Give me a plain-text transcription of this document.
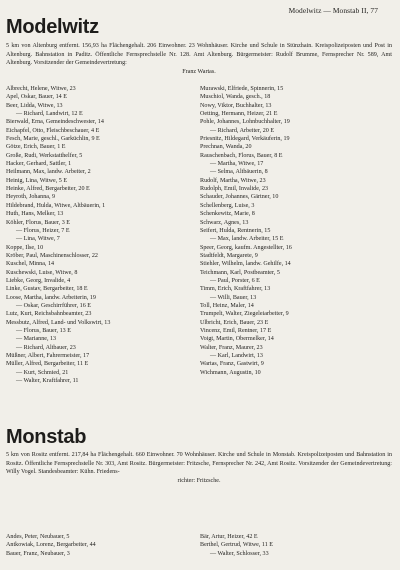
Modelwitz — Monstab II, 77
Modelwitz
5 km von Altenburg entfernt. 156,93 ha Flächengehalt. 206 Einwohner. 23 Wohnhäuser. Kirche und Schule in Stünzhain. Kreispolizeiposten und Post in Altenburg. Bahnstation in Paditz. Öffentliche Fernsprechstelle Nr. 128. Amt Altenburg. Bürgermeister: Rudolf Brumme, Fernsprecher Nr. 589, Amt Altenburg. Vorsitzender der Gemeindevertretung:
Franz Wartas.
Albrecht, Helene, Witwe, 23
Apel, Oskar, Bauer, 14 E
Beer, Lidda, Witwe, 13
— Richard, Landwirt, 12 E
Bierwald, Erna, Gemeindeschwester, 14
Eichapfel, Otto, Fleischbeschauer, 4 E
Fesch, Marie, geschl., Garküchlin, 9 E
Götze, Erich, Bauer, 1 E
Große, Rudi, Werkstatthelfer, 5
Hacker, Gerhard, Sattler, 1
Heilmann, Max, landw. Arbeiter, 2
Heinig, Lina, Witwe, 5 E
Heinke, Alfred, Bergarbeiter, 20 E
Heyroth, Johanna, 9
Hildebrand, Hulda, Witwe, Altbäuerin, 1
Huth, Hans, Melker, 13
Köhler, Florus, Bauer, 3 E
— Florus, Heizer, 7 E
— Lina, Witwe, 7
Koppe, Ilse, 10
Kröber, Paul, Maschinenschlosser, 22
Kuschel, Minna, 14
Kuschewski, Luise, Witwe, 8
Liebke, Georg, Invalide, 4
Linke, Gustav, Bergarbeiter, 18 E
Loose, Martha, landw. Arbeiterin, 19
— Oskar, Geschirrführer, 16 E
Lutz, Kurt, Reichsbahnbeamter, 23
Messbutz, Alfred, Land- und Volkswirt, 13
— Florus, Bauer, 13 E
— Marianne, 13
— Richard, Altbauer, 23
Müßner, Albert, Fahrermeister, 17
Müller, Alfred, Bergarbeiter, 11 E
— Kurt, Schmied, 21
— Walter, Kraftfahrer, 11
Murawski, Elfriede, Spinnerin, 15
Muschiol, Wanda, gesch., 18
Nowy, Viktor, Buchhalter, 13
Oetting, Hermann, Heizer, 21 E
Pohle, Johannes, Lohnbuchhalter, 19
— Richard, Arbeiter, 20 E
Priesnitz, Hildegard, Verkäuferin, 19
Prechnan, Wanda, 20
Rauschenbach, Florus, Bauer, 8 E
— Martha, Witwe, 17
— Selma, Altbäuerin, 8
Rudolf, Martha, Witwe, 23
Rudolph, Emil, Invalide, 23
Schauder, Johannes, Gärtner, 10
Schellenberg, Luise, 3
Schenkewitz, Marie, 8
Schwarz, Agnes, 13
Seifert, Hulda, Rentnerin, 15
— Max, landw. Arbeiter, 15 E
Speer, Georg, kaufm. Angestellter, 16
Stadtfeldt, Margarete, 9
Stiehler, Wilhelm, landw. Gehilfe, 14
Teichmann, Karl, Postbeamter, 5
— Paul, Porster, 6 E
Timm, Erich, Kraftfahrer, 13
— Willi, Bauer, 13
Toll, Heinz, Maler, 14
Trumpelt, Walter, Ziegeleiarbeiter, 9
Ulbricht, Erich, Bauer, 23 E
Vincenz, Emil, Rentner, 17 E
Voigt, Martin, Obermelker, 14
Walter, Franz, Maurer, 23
— Karl, Landwirt, 13
Wartas, Franz, Gastwirt, 9
Wichmann, Augustin, 10
Monstab
5 km von Rositz entfernt. 217,84 ha Flächengehalt. 660 Einwohner. 70 Wohnhäuser. Kirche und Schule in Monstab. Kreispolizeiposten und Bahnstation in Rositz. Öffentliche Fernsprechstelle Nr. 303, Amt Rositz. Bürgermeister: Fritzsche, Fernsprecher Nr. 242, Amt Rositz. Vorsitzender der Gemeindevertretung: Willy Vogel. Standesbeamter: Kühn. Friedens-
richter: Fritzsche.
Andes, Peter, Neubauer, 5
Antkowiak, Lorenz, Bergarbeiter, 44
Bauer, Franz, Neubauer, 3
Bär, Artur, Heizer, 42 E
Berthel, Gertrud, Witwe, 11 E
— Walter, Schlosser, 33
